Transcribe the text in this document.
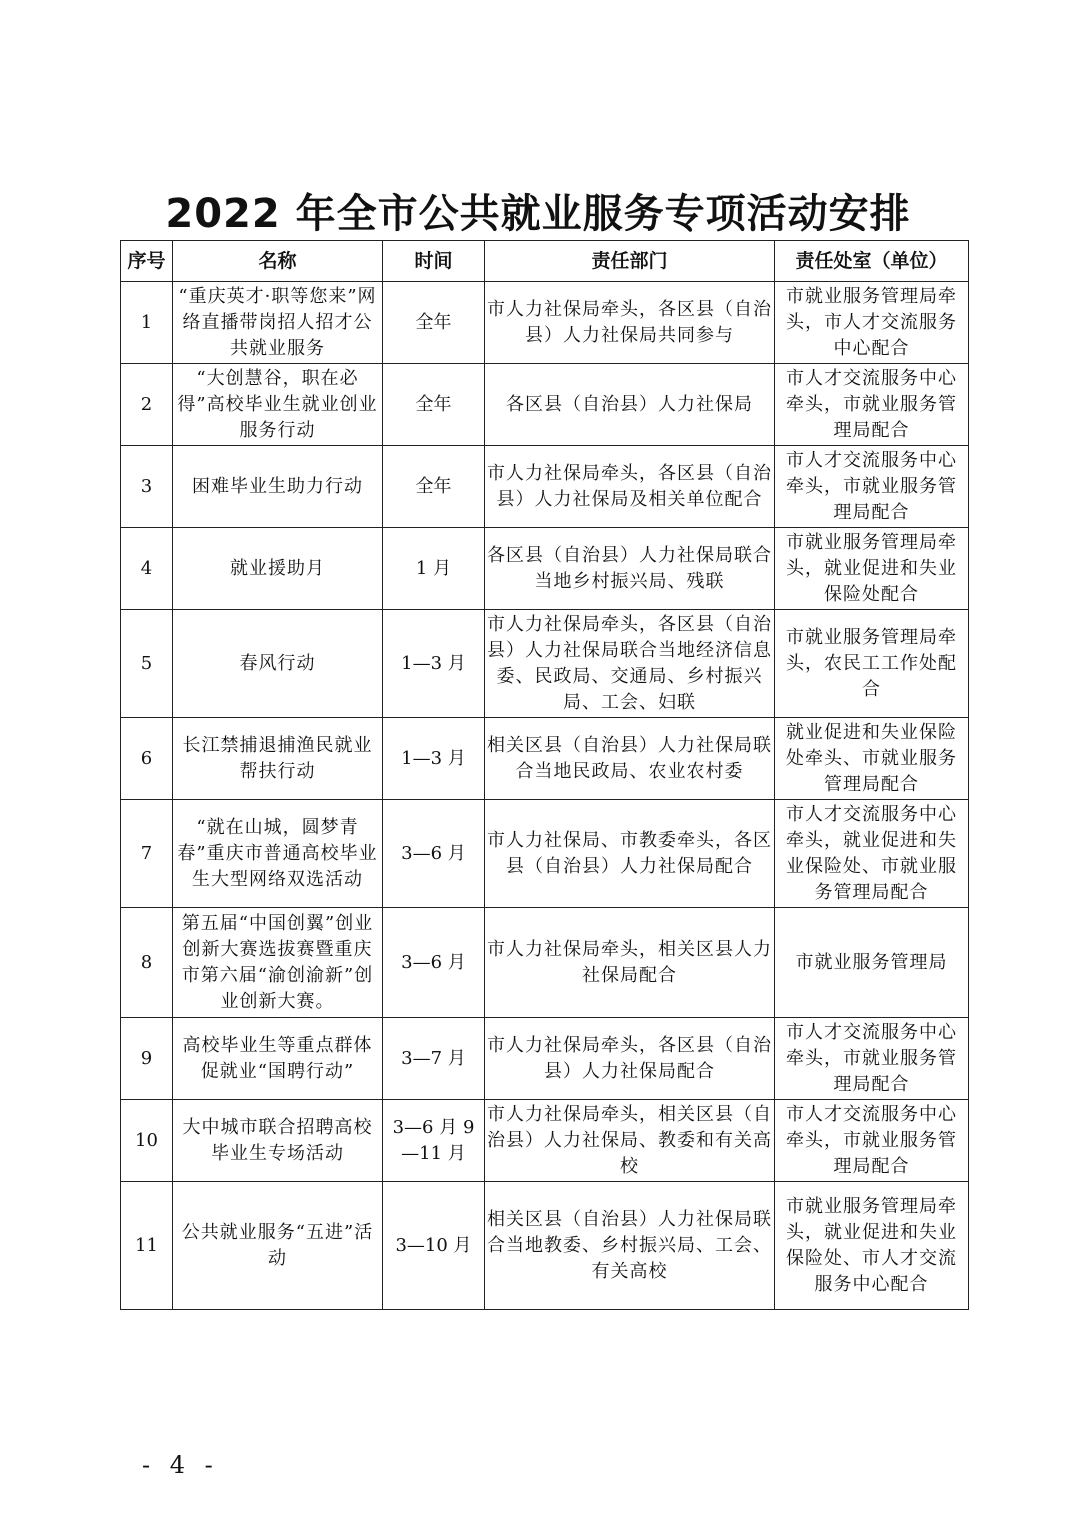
2022 年全市公共就业服务专项活动安排
序号	名称	时间	责任部门	责任处室（单位）
1	“重庆英才·职等您来”网络直播带岗招人招才公共就业服务	全年	市人力社保局牵头，各区县（自治县）人力社保局共同参与	市就业服务管理局牵头，市人才交流服务中心配合
2	“大创慧谷，职在必得”高校毕业生就业创业服务行动	全年	各区县（自治县）人力社保局	市人才交流服务中心牵头，市就业服务管理局配合
3	困难毕业生助力行动	全年	市人力社保局牵头，各区县（自治县）人力社保局及相关单位配合	市人才交流服务中心牵头，市就业服务管理局配合
4	就业援助月	1 月	各区县（自治县）人力社保局联合当地乡村振兴局、残联	市就业服务管理局牵头，就业促进和失业保险处配合
5	春风行动	1—3 月	市人力社保局牵头，各区县（自治县）人力社保局联合当地经济信息委、民政局、交通局、乡村振兴局、工会、妇联	市就业服务管理局牵头，农民工工作处配合
6	长江禁捕退捕渔民就业帮扶行动	1—3 月	相关区县（自治县）人力社保局联合当地民政局、农业农村委	就业促进和失业保险处牵头、市就业服务管理局配合
7	“就在山城，圆梦青春”重庆市普通高校毕业生大型网络双选活动	3—6 月	市人力社保局、市教委牵头，各区县（自治县）人力社保局配合	市人才交流服务中心牵头，就业促进和失业保险处、市就业服务管理局配合
8	第五届“中国创翼”创业创新大赛选拔赛暨重庆市第六届“渝创渝新”创业创新大赛。	3—6 月	市人力社保局牵头，相关区县人力社保局配合	市就业服务管理局
9	高校毕业生等重点群体促就业“国聘行动”	3—7 月	市人力社保局牵头，各区县（自治县）人力社保局配合	市人才交流服务中心牵头，市就业服务管理局配合
10	大中城市联合招聘高校毕业生专场活动	3—6 月 9—11 月	市人力社保局牵头，相关区县（自治县）人力社保局、教委和有关高校	市人才交流服务中心牵头，市就业服务管理局配合
11	公共就业服务“五进”活动	3—10 月	相关区县（自治县）人力社保局联合当地教委、乡村振兴局、工会、有关高校	市就业服务管理局牵头，就业促进和失业保险处、市人才交流服务中心配合
- 4 -
